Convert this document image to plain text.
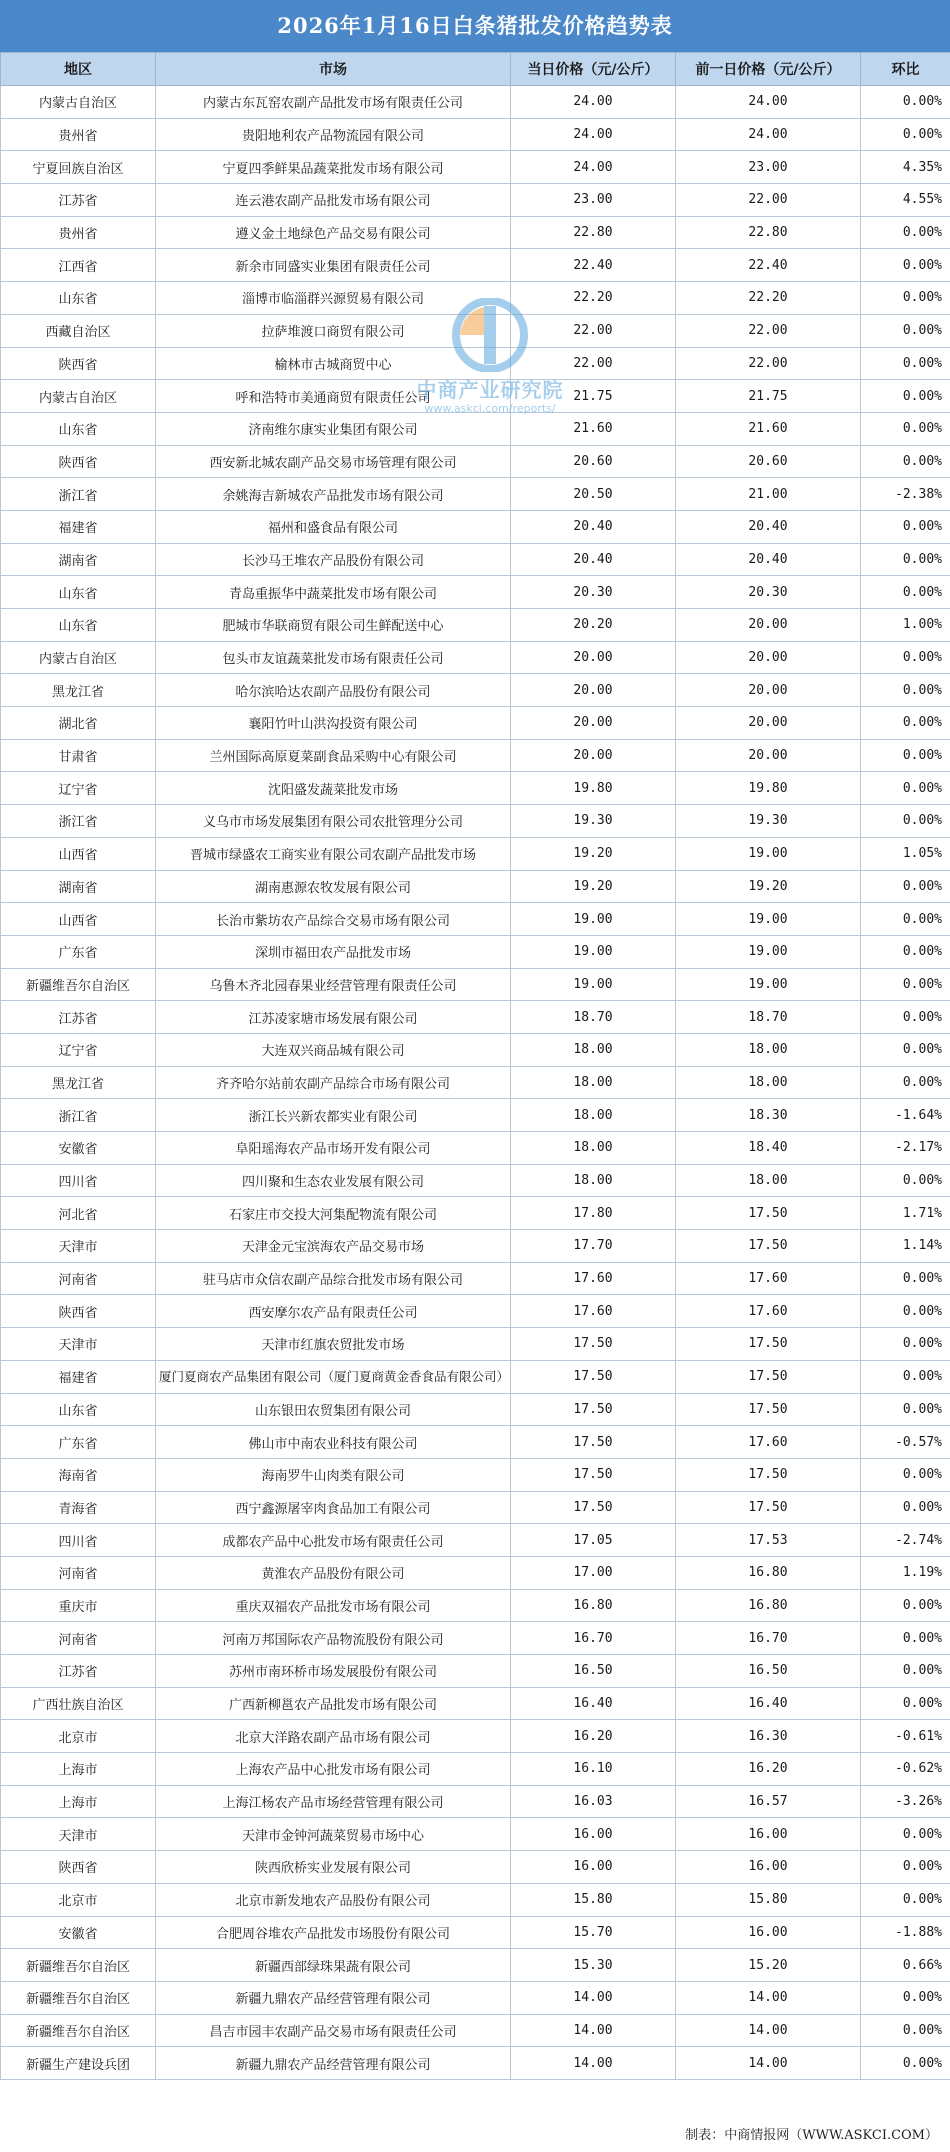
2026年1月16日白条猪批发价格趋势表
地区	市场	当日价格（元/公斤）	前一日价格（元/公斤）	环比
内蒙古自治区	内蒙古东瓦窑农副产品批发市场有限责任公司	24.00	24.00	0.00%
贵州省	贵阳地利农产品物流园有限公司	24.00	24.00	0.00%
宁夏回族自治区	宁夏四季鲜果品蔬菜批发市场有限公司	24.00	23.00	4.35%
江苏省	连云港农副产品批发市场有限公司	23.00	22.00	4.55%
贵州省	遵义金土地绿色产品交易有限公司	22.80	22.80	0.00%
江西省	新余市同盛实业集团有限责任公司	22.40	22.40	0.00%
山东省	淄博市临淄群兴源贸易有限公司	22.20	22.20	0.00%
西藏自治区	拉萨堆渡口商贸有限公司	22.00	22.00	0.00%
陕西省	榆林市古城商贸中心	22.00	22.00	0.00%
内蒙古自治区	呼和浩特市美通商贸有限责任公司	21.75	21.75	0.00%
山东省	济南维尔康实业集团有限公司	21.60	21.60	0.00%
陕西省	西安新北城农副产品交易市场管理有限公司	20.60	20.60	0.00%
浙江省	余姚海吉新城农产品批发市场有限公司	20.50	21.00	-2.38%
福建省	福州和盛食品有限公司	20.40	20.40	0.00%
湖南省	长沙马王堆农产品股份有限公司	20.40	20.40	0.00%
山东省	青岛重振华中蔬菜批发市场有限公司	20.30	20.30	0.00%
山东省	肥城市华联商贸有限公司生鲜配送中心	20.20	20.00	1.00%
内蒙古自治区	包头市友谊蔬菜批发市场有限责任公司	20.00	20.00	0.00%
黑龙江省	哈尔滨哈达农副产品股份有限公司	20.00	20.00	0.00%
湖北省	襄阳竹叶山洪沟投资有限公司	20.00	20.00	0.00%
甘肃省	兰州国际高原夏菜副食品采购中心有限公司	20.00	20.00	0.00%
辽宁省	沈阳盛发蔬菜批发市场	19.80	19.80	0.00%
浙江省	义乌市市场发展集团有限公司农批管理分公司	19.30	19.30	0.00%
山西省	晋城市绿盛农工商实业有限公司农副产品批发市场	19.20	19.00	1.05%
湖南省	湖南惠源农牧发展有限公司	19.20	19.20	0.00%
山西省	长治市紫坊农产品综合交易市场有限公司	19.00	19.00	0.00%
广东省	深圳市福田农产品批发市场	19.00	19.00	0.00%
新疆维吾尔自治区	乌鲁木齐北园春果业经营管理有限责任公司	19.00	19.00	0.00%
江苏省	江苏凌家塘市场发展有限公司	18.70	18.70	0.00%
辽宁省	大连双兴商品城有限公司	18.00	18.00	0.00%
黑龙江省	齐齐哈尔站前农副产品综合市场有限公司	18.00	18.00	0.00%
浙江省	浙江长兴新农都实业有限公司	18.00	18.30	-1.64%
安徽省	阜阳瑶海农产品市场开发有限公司	18.00	18.40	-2.17%
四川省	四川聚和生态农业发展有限公司	18.00	18.00	0.00%
河北省	石家庄市交投大河集配物流有限公司	17.80	17.50	1.71%
天津市	天津金元宝滨海农产品交易市场	17.70	17.50	1.14%
河南省	驻马店市众信农副产品综合批发市场有限公司	17.60	17.60	0.00%
陕西省	西安摩尔农产品有限责任公司	17.60	17.60	0.00%
天津市	天津市红旗农贸批发市场	17.50	17.50	0.00%
福建省	厦门夏商农产品集团有限公司（厦门夏商黄金香食品有限公司）	17.50	17.50	0.00%
山东省	山东银田农贸集团有限公司	17.50	17.50	0.00%
广东省	佛山市中南农业科技有限公司	17.50	17.60	-0.57%
海南省	海南罗牛山肉类有限公司	17.50	17.50	0.00%
青海省	西宁鑫源屠宰肉食品加工有限公司	17.50	17.50	0.00%
四川省	成都农产品中心批发市场有限责任公司	17.05	17.53	-2.74%
河南省	黄淮农产品股份有限公司	17.00	16.80	1.19%
重庆市	重庆双福农产品批发市场有限公司	16.80	16.80	0.00%
河南省	河南万邦国际农产品物流股份有限公司	16.70	16.70	0.00%
江苏省	苏州市南环桥市场发展股份有限公司	16.50	16.50	0.00%
广西壮族自治区	广西新柳邕农产品批发市场有限公司	16.40	16.40	0.00%
北京市	北京大洋路农副产品市场有限公司	16.20	16.30	-0.61%
上海市	上海农产品中心批发市场有限公司	16.10	16.20	-0.62%
上海市	上海江杨农产品市场经营管理有限公司	16.03	16.57	-3.26%
天津市	天津市金钟河蔬菜贸易市场中心	16.00	16.00	0.00%
陕西省	陕西欣桥实业发展有限公司	16.00	16.00	0.00%
北京市	北京市新发地农产品股份有限公司	15.80	15.80	0.00%
安徽省	合肥周谷堆农产品批发市场股份有限公司	15.70	16.00	-1.88%
新疆维吾尔自治区	新疆西部绿珠果蔬有限公司	15.30	15.20	0.66%
新疆维吾尔自治区	新疆九鼎农产品经营管理有限公司	14.00	14.00	0.00%
新疆维吾尔自治区	昌吉市园丰农副产品交易市场有限责任公司	14.00	14.00	0.00%
新疆生产建设兵团	新疆九鼎农产品经营管理有限公司	14.00	14.00	0.00%
中商产业研究院
www.askci.com/reports/
制表：中商情报网（WWW.ASKCI.COM）
